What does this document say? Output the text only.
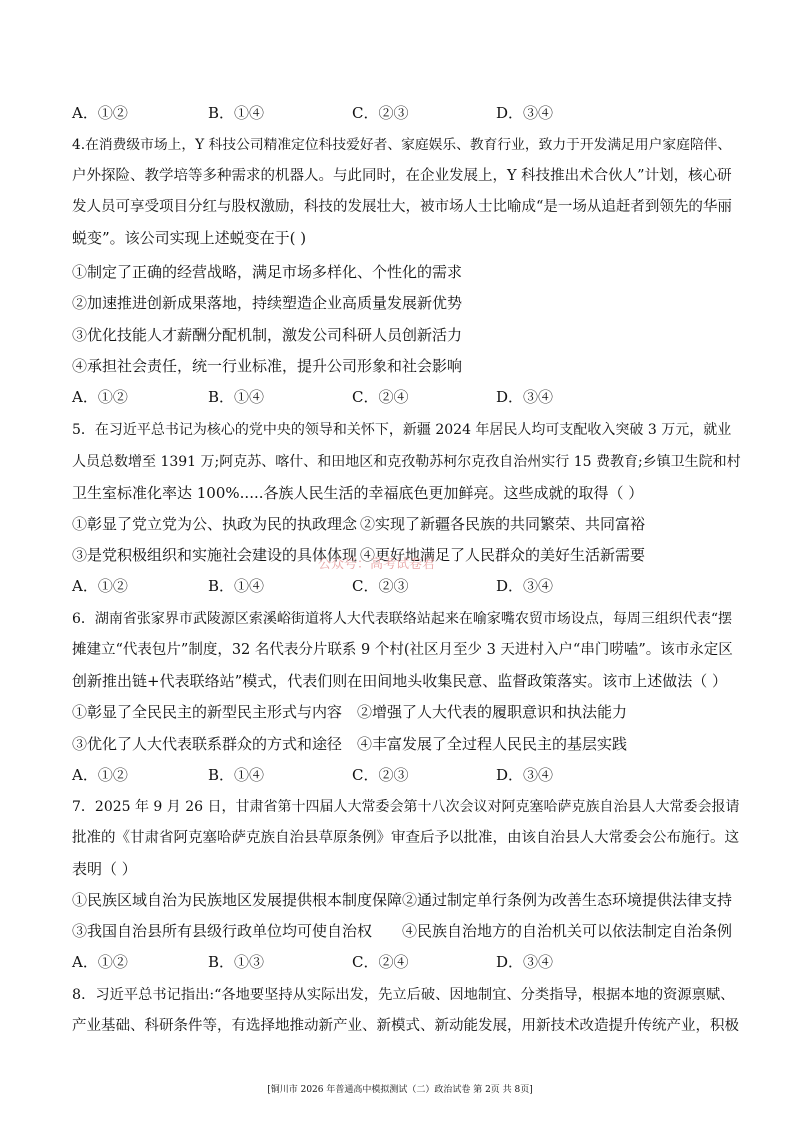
A．①②	B．①④	C．②③	D．③④
4.在消费级市场上，Y 科技公司精准定位科技爱好者、家庭娱乐、教育行业，致力于开发满足用户家庭陪伴、
户外探险、教学培等多种需求的机器人。与此同时，在企业发展上，Y 科技推出术合伙人”计划，核心研
发人员可享受项目分红与股权激励，科技的发展壮大，被市场人士比喻成“是一场从追赶者到领先的华丽
蜕变”。该公司实现上述蜕变在于( )
①制定了正确的经营战略，满足市场多样化、个性化的需求
②加速推进创新成果落地，持续塑造企业高质量发展新优势
③优化技能人才薪酬分配机制，激发公司科研人员创新活力
④承担社会责任，统一行业标准，提升公司形象和社会影响
A．①②	B．①④	C．②④	D．③④
5．在习近平总书记为核心的党中央的领导和关怀下，新疆 2024 年居民人均可支配收入突破 3 万元，就业
人员总数增至 1391 万;阿克苏、喀什、和田地区和克孜勒苏柯尔克孜自治州实行 15 费教育;乡镇卫生院和村
卫生室标准化率达 100%.....各族人民生活的幸福底色更加鲜亮。这些成就的取得（ ）
①彰显了党立党为公、执政为民的执政理念 ②实现了新疆各民族的共同繁荣、共同富裕
③是党积极组织和实施社会建设的具体体现 ④更好地满足了人民群众的美好生活新需要
公众号：高考试卷君
A．①②	B．①④	C．②③	D．③④
6．湖南省张家界市武陵源区索溪峪街道将人大代表联络站起来在喻家嘴农贸市场设点，每周三组织代表“摆
摊建立“代表包片”制度，32 名代表分片联系 9 个村(社区月至少 3 天进村入户“串门唠嗑”。该市永定区
创新推出链+代表联络站”模式，代表们则在田间地头收集民意、监督政策落实。该市上述做法（ ）
①彰显了全民民主的新型民主形式与内容 ②增强了人大代表的履职意识和执法能力
③优化了人大代表联系群众的方式和途径 ④丰富发展了全过程人民民主的基层实践
A．①②	B．①④	C．②③	D．③④
7．2025 年 9 月 26 日，甘肃省第十四届人大常委会第十八次会议对阿克塞哈萨克族自治县人大常委会报请
批准的《甘肃省阿克塞哈萨克族自治县草原条例》审查后予以批准，由该自治县人大常委会公布施行。这
表明（ ）
①民族区域自治为民族地区发展提供根本制度保障 ②通过制定单行条例为改善生态环境提供法律支持
③我国自治县所有县级行政单位均可使自治权 ④民族自治地方的自治机关可以依法制定自治条例
A．①②	B．①③	C．②④	D．③④
8．习近平总书记指出:“各地要坚持从实际出发，先立后破、因地制宜、分类指导，根据本地的资源禀赋、
产业基础、科研条件等，有选择地推动新产业、新模式、新动能发展，用新技术改造提升传统产业，积极
[铜川市 2026 年普通高中模拟测试（二）政治试卷 第 2页 共 8页]
